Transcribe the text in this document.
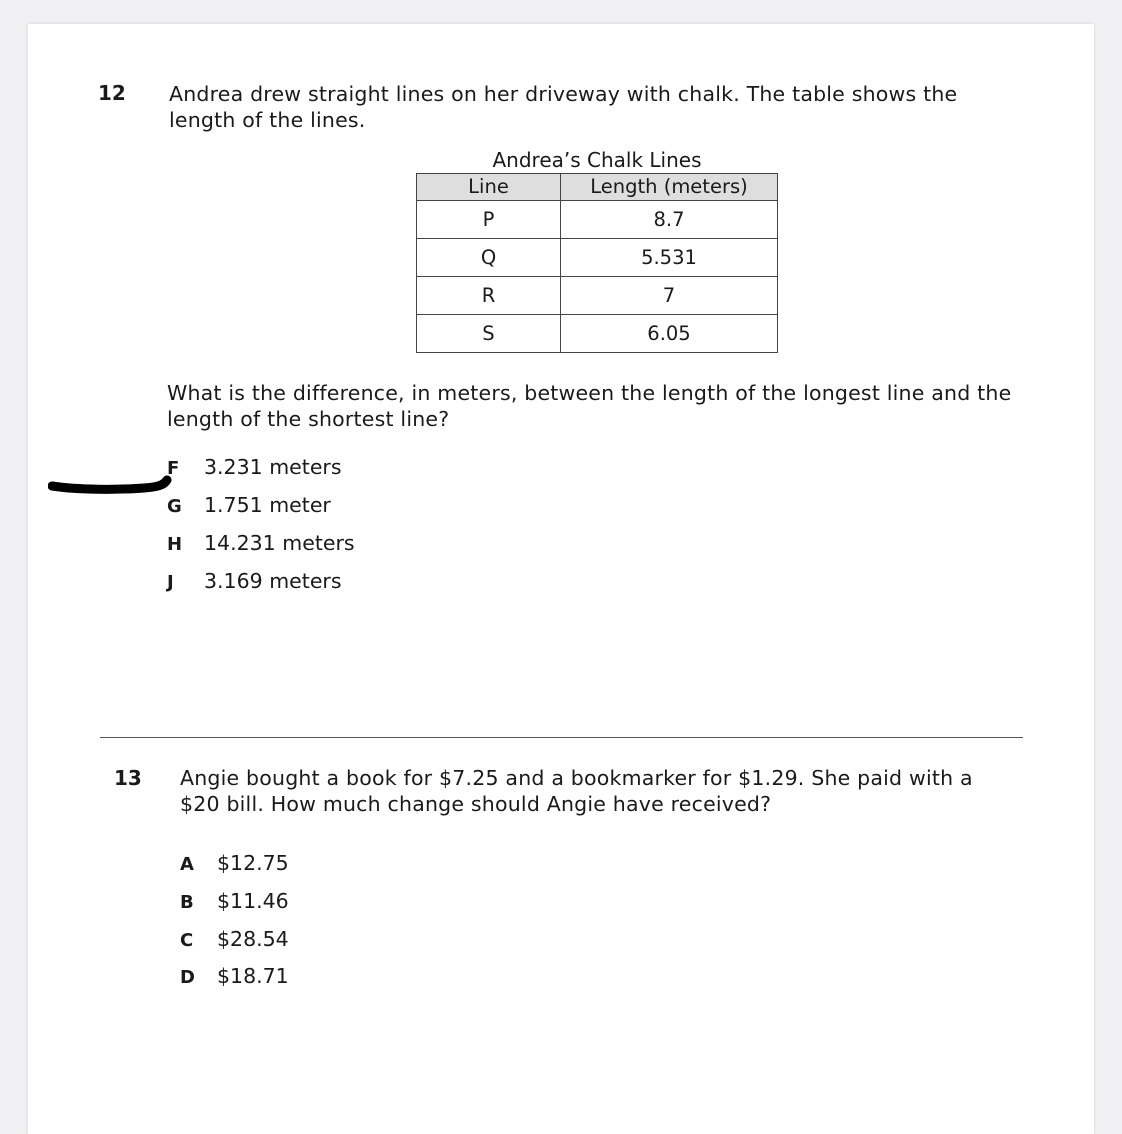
12 Andrea drew straight lines on her driveway with chalk. The table shows the
length of the lines.
Andrea’s Chalk Lines
Line	Length (meters)
P	8.7
Q	5.531
R	7
S	6.05
What is the difference, in meters, between the length of the longest line and the
length of the shortest line?
F 3.231 meters
G 1.751 meter
H 14.231 meters
J 3.169 meters
13 Angie bought a book for $7.25 and a bookmarker for $1.29. She paid with a
$20 bill. How much change should Angie have received?
A $12.75
B $11.46
C $28.54
D $18.71
